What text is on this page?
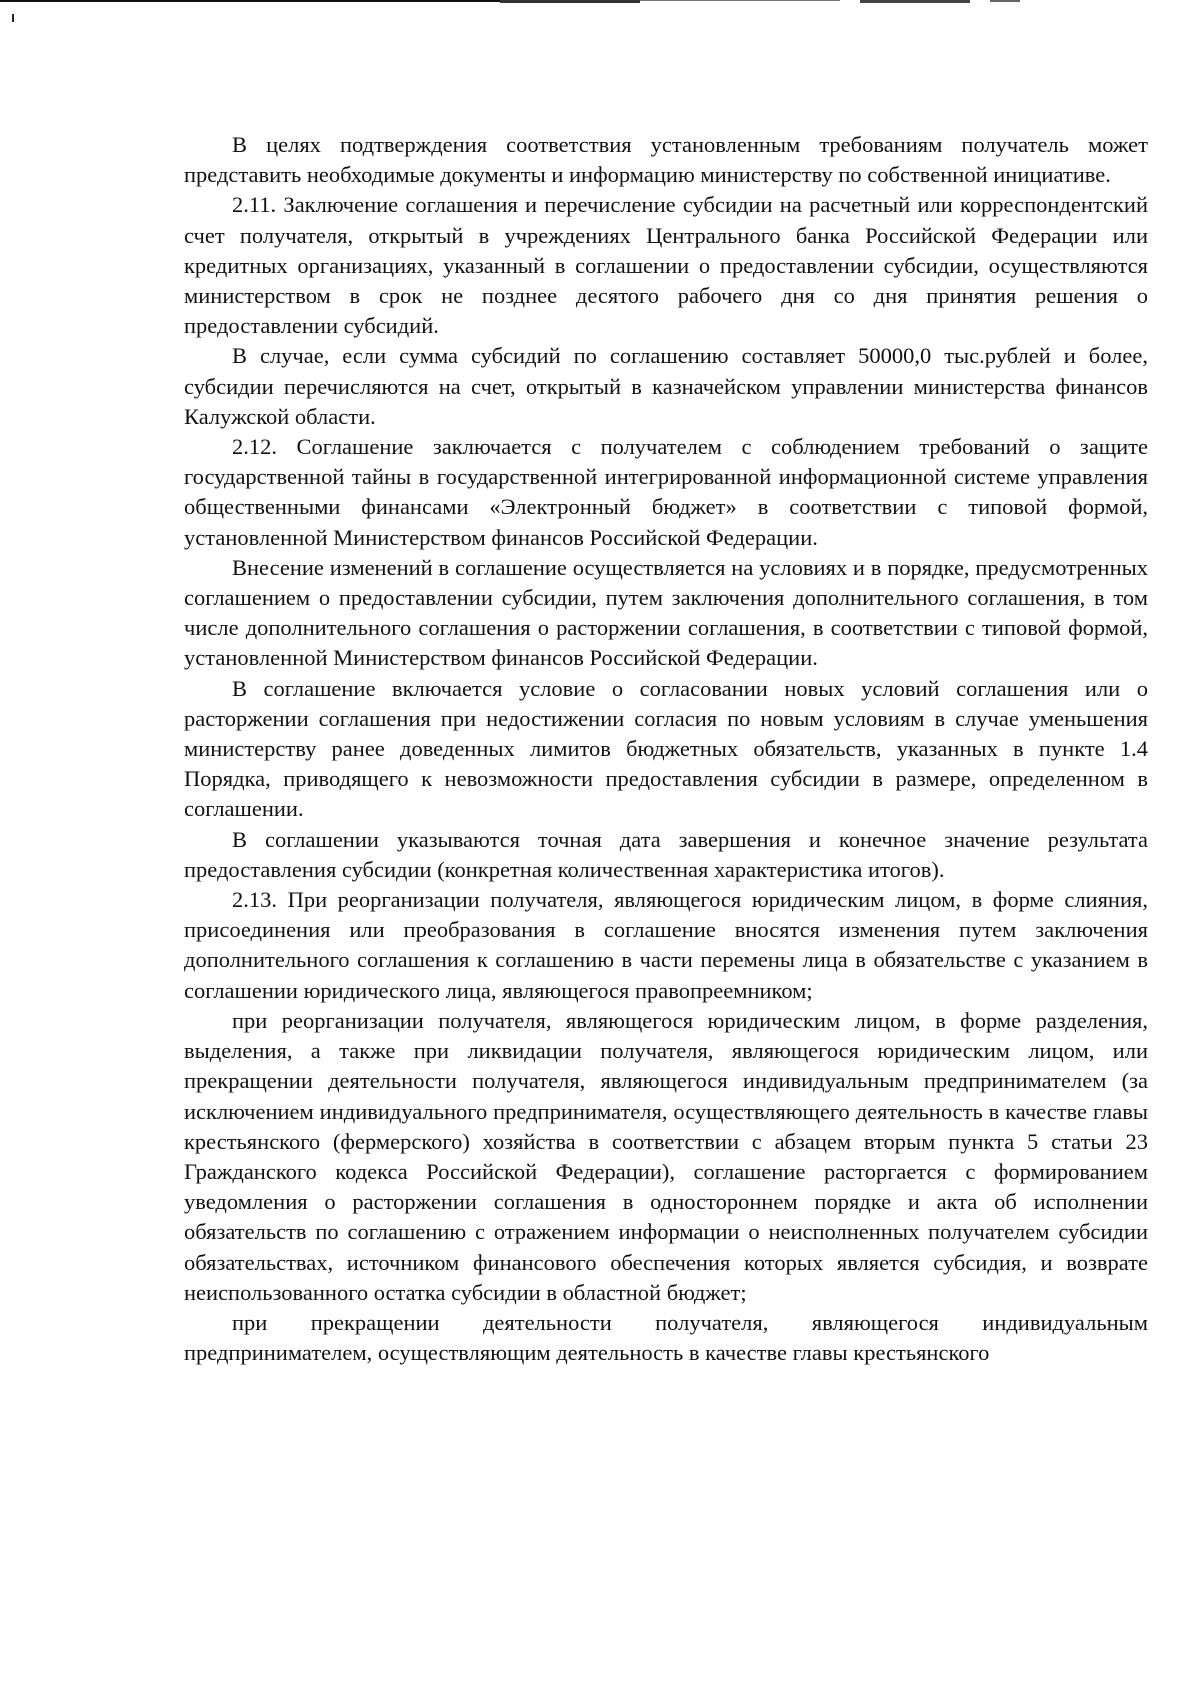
В целях подтверждения соответствия установленным требованиям получатель может представить необходимые документы и информацию министерству по собственной инициативе.

2.11. Заключение соглашения и перечисление субсидии на расчетный или корреспондентский счет получателя, открытый в учреждениях Центрального банка Российской Федерации или кредитных организациях, указанный в соглашении о предоставлении субсидии, осуществляются министерством в срок не позднее десятого рабочего дня со дня принятия решения о предоставлении субсидий.

В случае, если сумма субсидий по соглашению составляет 50000,0 тыс.рублей и более, субсидии перечисляются на счет, открытый в казначейском управлении министерства финансов Калужской области.

2.12. Соглашение заключается с получателем с соблюдением требований о защите государственной тайны в государственной интегрированной информационной системе управления общественными финансами «Электронный бюджет» в соответствии с типовой формой, установленной Министерством финансов Российской Федерации.

Внесение изменений в соглашение осуществляется на условиях и в порядке, предусмотренных соглашением о предоставлении субсидии, путем заключения дополнительного соглашения, в том числе дополнительного соглашения о расторжении соглашения, в соответствии с типовой формой, установленной Министерством финансов Российской Федерации.

В соглашение включается условие о согласовании новых условий соглашения или о расторжении соглашения при недостижении согласия по новым условиям в случае уменьшения министерству ранее доведенных лимитов бюджетных обязательств, указанных в пункте 1.4 Порядка, приводящего к невозможности предоставления субсидии в размере, определенном в соглашении.

В соглашении указываются точная дата завершения и конечное значение результата предоставления субсидии (конкретная количественная характеристика итогов).

2.13. При реорганизации получателя, являющегося юридическим лицом, в форме слияния, присоединения или преобразования в соглашение вносятся изменения путем заключения дополнительного соглашения к соглашению в части перемены лица в обязательстве с указанием в соглашении юридического лица, являющегося правопреемником;

при реорганизации получателя, являющегося юридическим лицом, в форме разделения, выделения, а также при ликвидации получателя, являющегося юридическим лицом, или прекращении деятельности получателя, являющегося индивидуальным предпринимателем (за исключением индивидуального предпринимателя, осуществляющего деятельность в качестве главы крестьянского (фермерского) хозяйства в соответствии с абзацем вторым пункта 5 статьи 23 Гражданского кодекса Российской Федерации), соглашение расторгается с формированием уведомления о расторжении соглашения в одностороннем порядке и акта об исполнении обязательств по соглашению с отражением информации о неисполненных получателем субсидии обязательствах, источником финансового обеспечения которых является субсидия, и возврате неиспользованного остатка субсидии в областной бюджет;

при прекращении деятельности получателя, являющегося индивидуальным предпринимателем, осуществляющим деятельность в качестве главы крестьянского
